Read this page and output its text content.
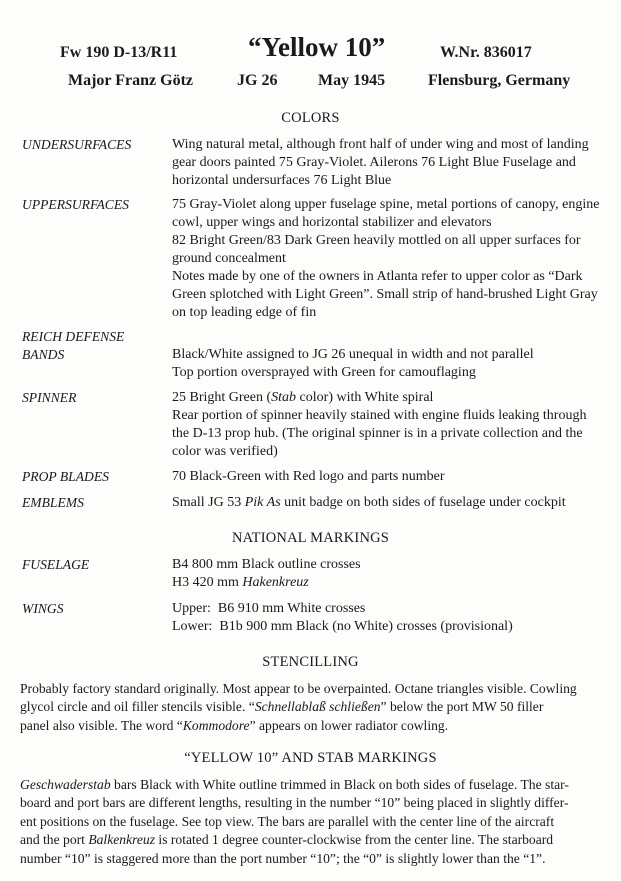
Fw 190 D-13/R11	“Yellow 10”	W.Nr. 836017
Major Franz Götz	JG 26	May 1945	Flensburg, Germany
COLORS
UNDERSURFACES	Wing natural metal, although front half of under wing and most of landing
gear doors painted 75 Gray-Violet. Ailerons 76 Light Blue Fuselage and
horizontal undersurfaces 76 Light Blue
UPPERSURFACES	75 Gray-Violet along upper fuselage spine, metal portions of canopy, engine
cowl, upper wings and horizontal stabilizer and elevators
82 Bright Green/83 Dark Green heavily mottled on all upper surfaces for
ground concealment
Notes made by one of the owners in Atlanta refer to upper color as “Dark
Green splotched with Light Green”. Small strip of hand-brushed Light Gray
on top leading edge of fin
REICH DEFENSE
BANDS	Black/White assigned to JG 26 unequal in width and not parallel
Top portion oversprayed with Green for camouflaging
SPINNER	25 Bright Green (Stab color) with White spiral
Rear portion of spinner heavily stained with engine fluids leaking through
the D-13 prop hub. (The original spinner is in a private collection and the
color was verified)
PROP BLADES	70 Black-Green with Red logo and parts number
EMBLEMS	Small JG 53 Pik As unit badge on both sides of fuselage under cockpit
NATIONAL MARKINGS
FUSELAGE	B4 800 mm Black outline crosses
H3 420 mm Hakenkreuz
WINGS	Upper:  B6 910 mm White crosses
Lower:  B1b 900 mm Black (no White) crosses (provisional)
STENCILLING
Probably factory standard originally. Most appear to be overpainted. Octane triangles visible. Cowling
glycol circle and oil filler stencils visible. “Schnellablaß schließen” below the port MW 50 filler
panel also visible. The word “Kommodore” appears on lower radiator cowling.
“YELLOW 10” AND STAB MARKINGS
Geschwaderstab bars Black with White outline trimmed in Black on both sides of fuselage. The star-
board and port bars are different lengths, resulting in the number “10” being placed in slightly differ-
ent positions on the fuselage. See top view. The bars are parallel with the center line of the aircraft
and the port Balkenkreuz is rotated 1 degree counter-clockwise from the center line. The starboard
number “10” is staggered more than the port number “10”; the “0” is slightly lower than the “1”.
